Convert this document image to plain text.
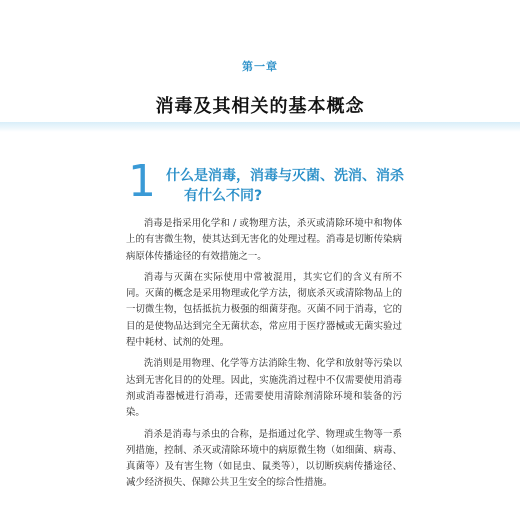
第一章
消毒及其相关的基本概念
1 什么是消毒，消毒与灭菌、洗消、消杀
有什么不同?

消毒是指采用化学和 / 或物理方法，杀灭或清除环境中和物体上的有害微生物，使其达到无害化的处理过程。消毒是切断传染病病原体传播途径的有效措施之一。

消毒与灭菌在实际使用中常被混用，其实它们的含义有所不同。灭菌的概念是采用物理或化学方法，彻底杀灭或清除物品上的一切微生物，包括抵抗力极强的细菌芽孢。灭菌不同于消毒，它的目的是使物品达到完全无菌状态，常应用于医疗器械或无菌实验过程中耗材、试剂的处理。

洗消则是用物理、化学等方法消除生物、化学和放射等污染以达到无害化目的的处理。因此，实施洗消过程中不仅需要使用消毒剂或消毒器械进行消毒，还需要使用清除剂清除环境和装备的污染。

消杀是消毒与杀虫的合称，是指通过化学、物理或生物等一系列措施，控制、杀灭或清除环境中的病原微生物（如细菌、病毒、真菌等）及有害生物（如昆虫、鼠类等），以切断疾病传播途径、减少经济损失、保障公共卫生安全的综合性措施。
